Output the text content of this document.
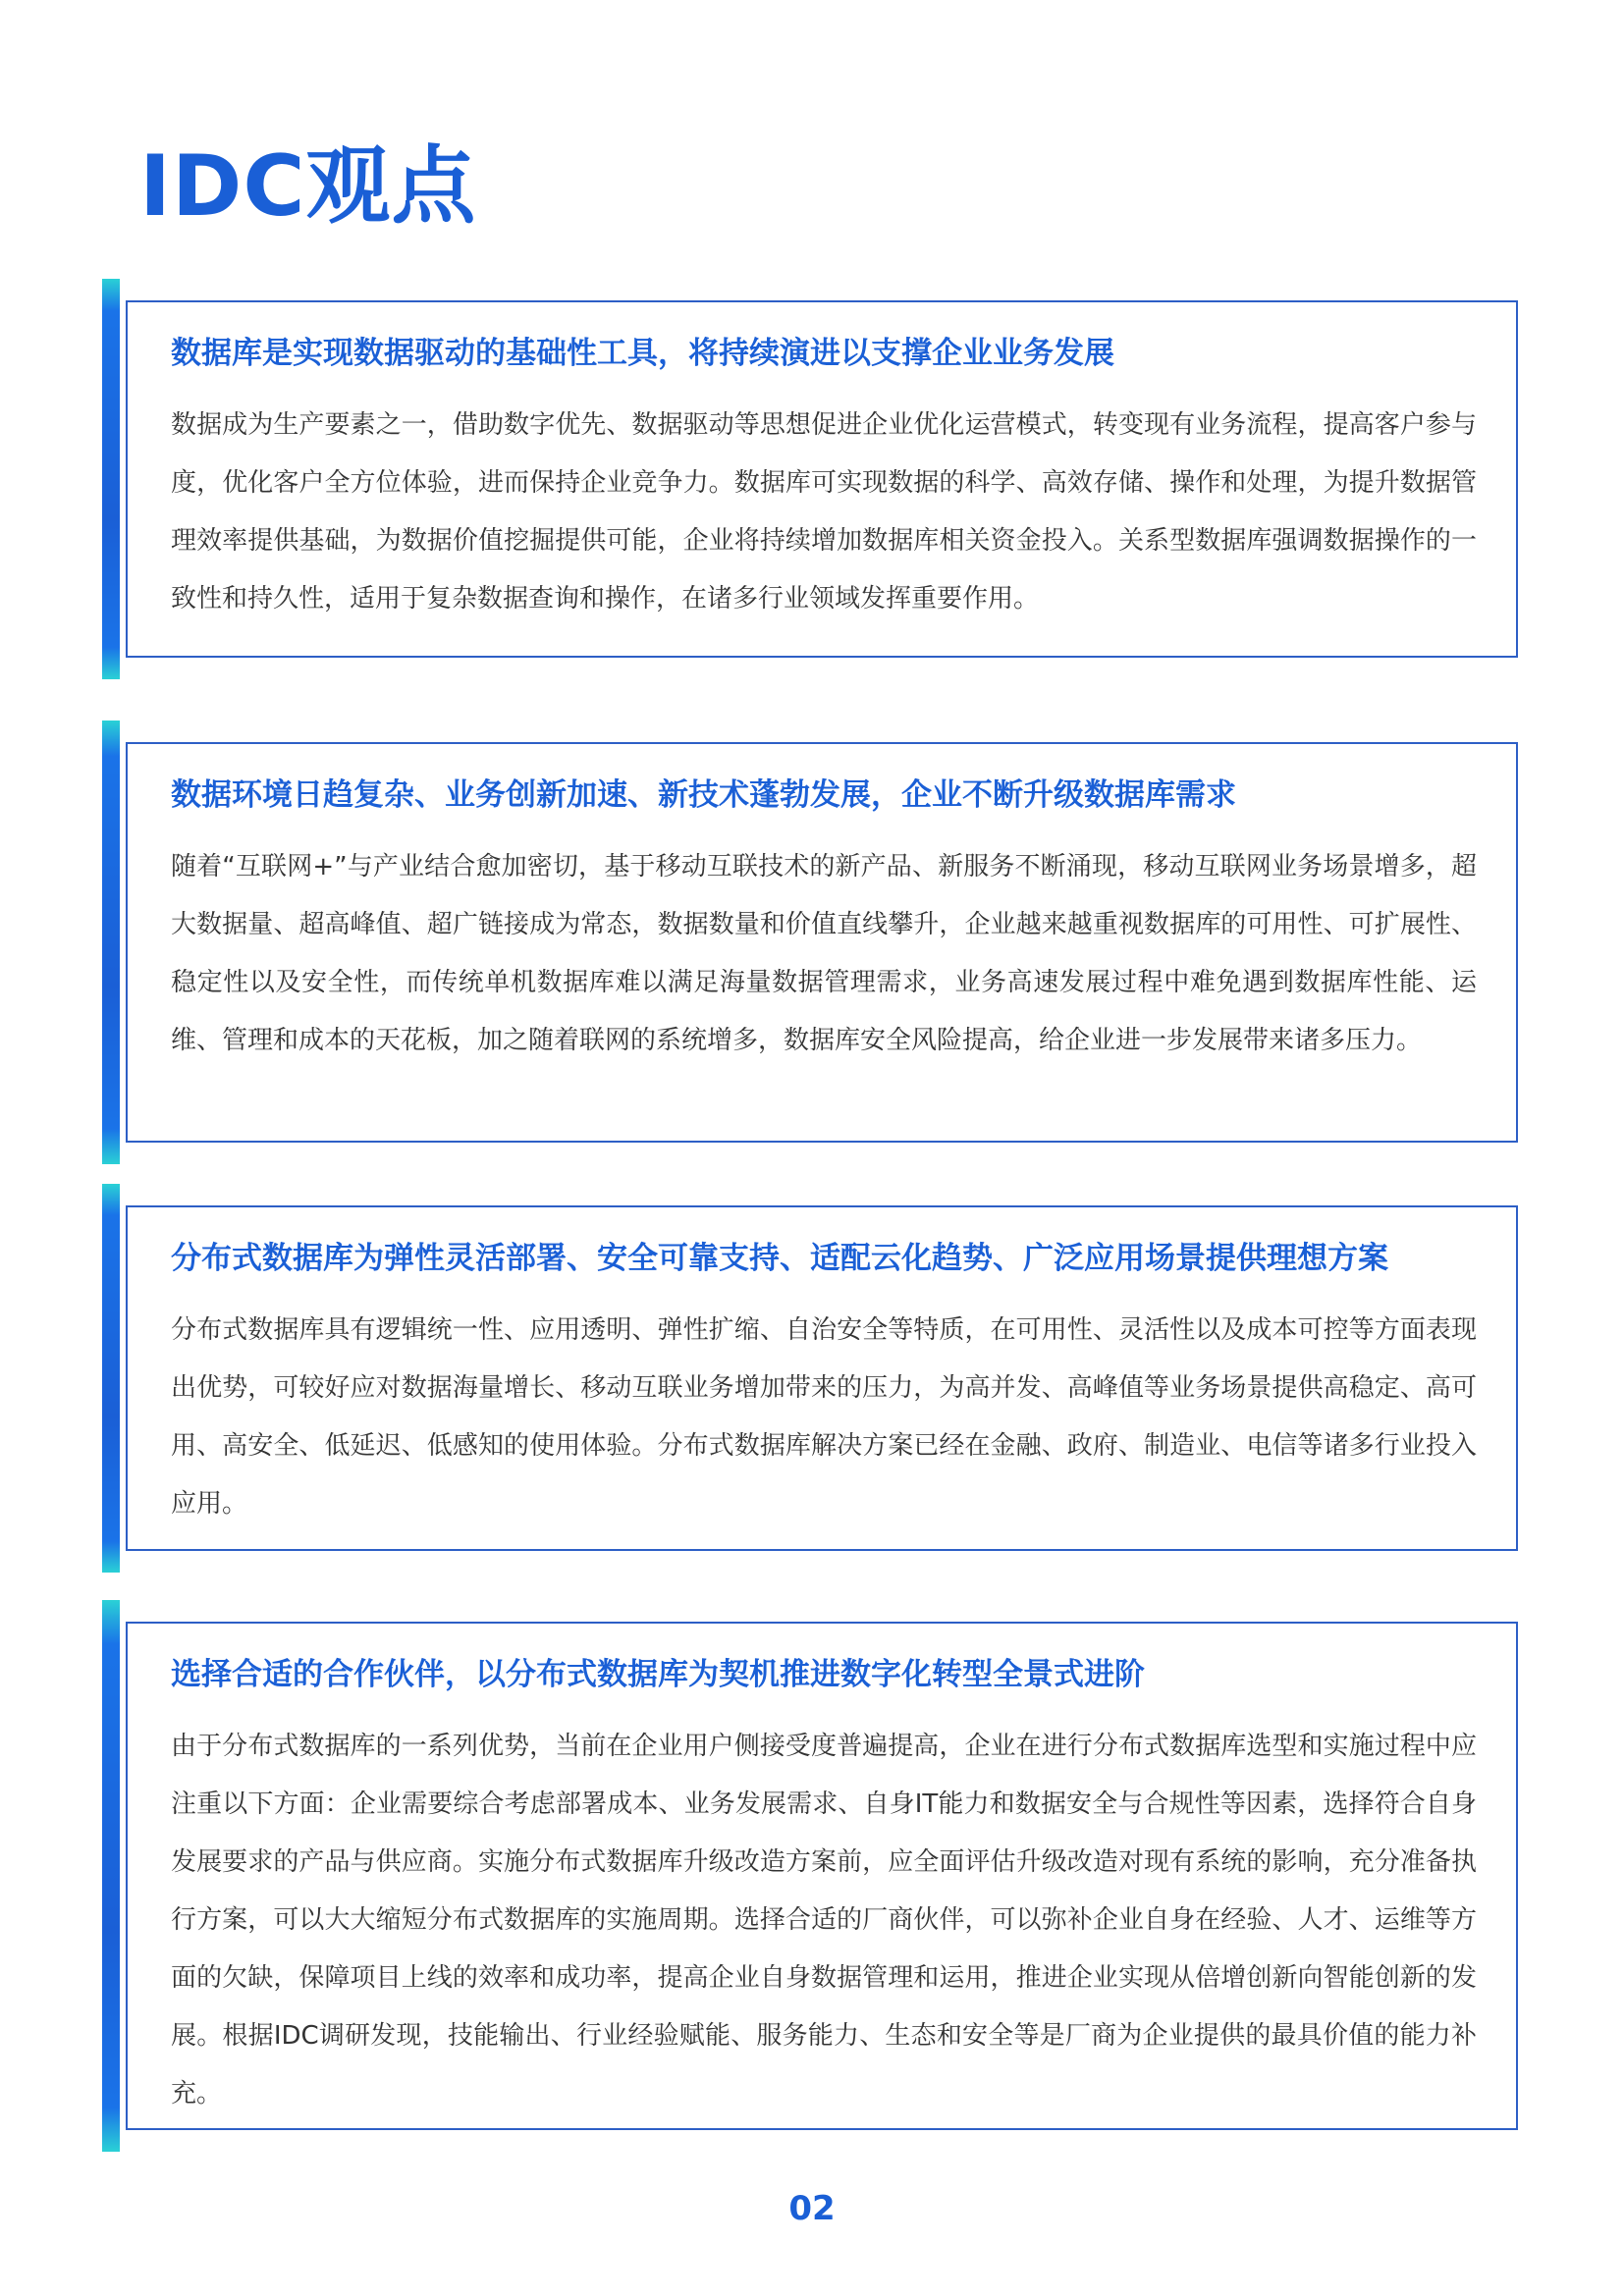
IDC观点
数据库是实现数据驱动的基础性工具，将持续演进以支撑企业业务发展
数据成为生产要素之一，借助数字优先、数据驱动等思想促进企业优化运营模式，转变现有业务流程，提高客户参与度，优化客户全方位体验，进而保持企业竞争力。数据库可实现数据的科学、高效存储、操作和处理，为提升数据管理效率提供基础，为数据价值挖掘提供可能，企业将持续增加数据库相关资金投入。关系型数据库强调数据操作的一致性和持久性，适用于复杂数据查询和操作，在诸多行业领域发挥重要作用。
数据环境日趋复杂、业务创新加速、新技术蓬勃发展，企业不断升级数据库需求
随着“互联网+”与产业结合愈加密切，基于移动互联技术的新产品、新服务不断涌现，移动互联网业务场景增多，超大数据量、超高峰值、超广链接成为常态，数据数量和价值直线攀升，企业越来越重视数据库的可用性、可扩展性、稳定性以及安全性，而传统单机数据库难以满足海量数据管理需求，业务高速发展过程中难免遇到数据库性能、运维、管理和成本的天花板，加之随着联网的系统增多，数据库安全风险提高，给企业进一步发展带来诸多压力。
分布式数据库为弹性灵活部署、安全可靠支持、适配云化趋势、广泛应用场景提供理想方案
分布式数据库具有逻辑统一性、应用透明、弹性扩缩、自治安全等特质，在可用性、灵活性以及成本可控等方面表现出优势，可较好应对数据海量增长、移动互联业务增加带来的压力，为高并发、高峰值等业务场景提供高稳定、高可用、高安全、低延迟、低感知的使用体验。分布式数据库解决方案已经在金融、政府、制造业、电信等诸多行业投入应用。
选择合适的合作伙伴，以分布式数据库为契机推进数字化转型全景式进阶
由于分布式数据库的一系列优势，当前在企业用户侧接受度普遍提高，企业在进行分布式数据库选型和实施过程中应注重以下方面：企业需要综合考虑部署成本、业务发展需求、自身IT能力和数据安全与合规性等因素，选择符合自身发展要求的产品与供应商。实施分布式数据库升级改造方案前，应全面评估升级改造对现有系统的影响，充分准备执行方案，可以大大缩短分布式数据库的实施周期。选择合适的厂商伙伴，可以弥补企业自身在经验、人才、运维等方面的欠缺，保障项目上线的效率和成功率，提高企业自身数据管理和运用，推进企业实现从倍增创新向智能创新的发展。根据IDC调研发现，技能输出、行业经验赋能、服务能力、生态和安全等是厂商为企业提供的最具价值的能力补充。
02
